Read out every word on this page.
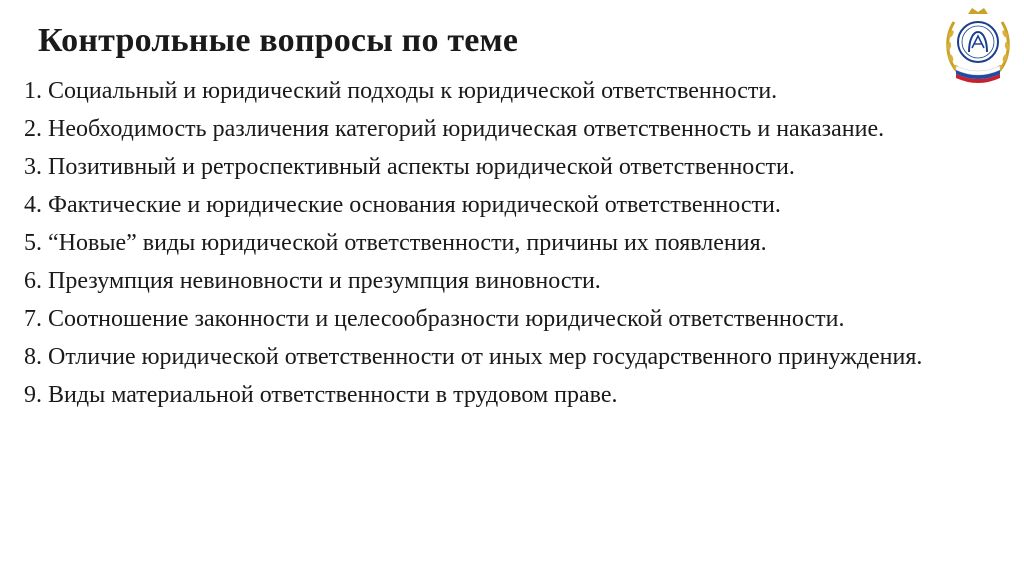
Контрольные вопросы по теме
1. Социальный и юридический подходы к юридической ответственности.
2. Необходимость различения категорий юридическая ответственность и наказание.
3. Позитивный и ретроспективный аспекты юридической ответственности.
4. Фактические и юридические основания юридической ответственности.
5. “Новые” виды юридической ответственности, причины их появления.
6. Презумпция невиновности и презумпция виновности.
7. Соотношение законности и целесообразности юридической ответственности.
8. Отличие юридической ответственности от иных мер государственного принуждения.
9. Виды материальной ответственности в трудовом праве.
